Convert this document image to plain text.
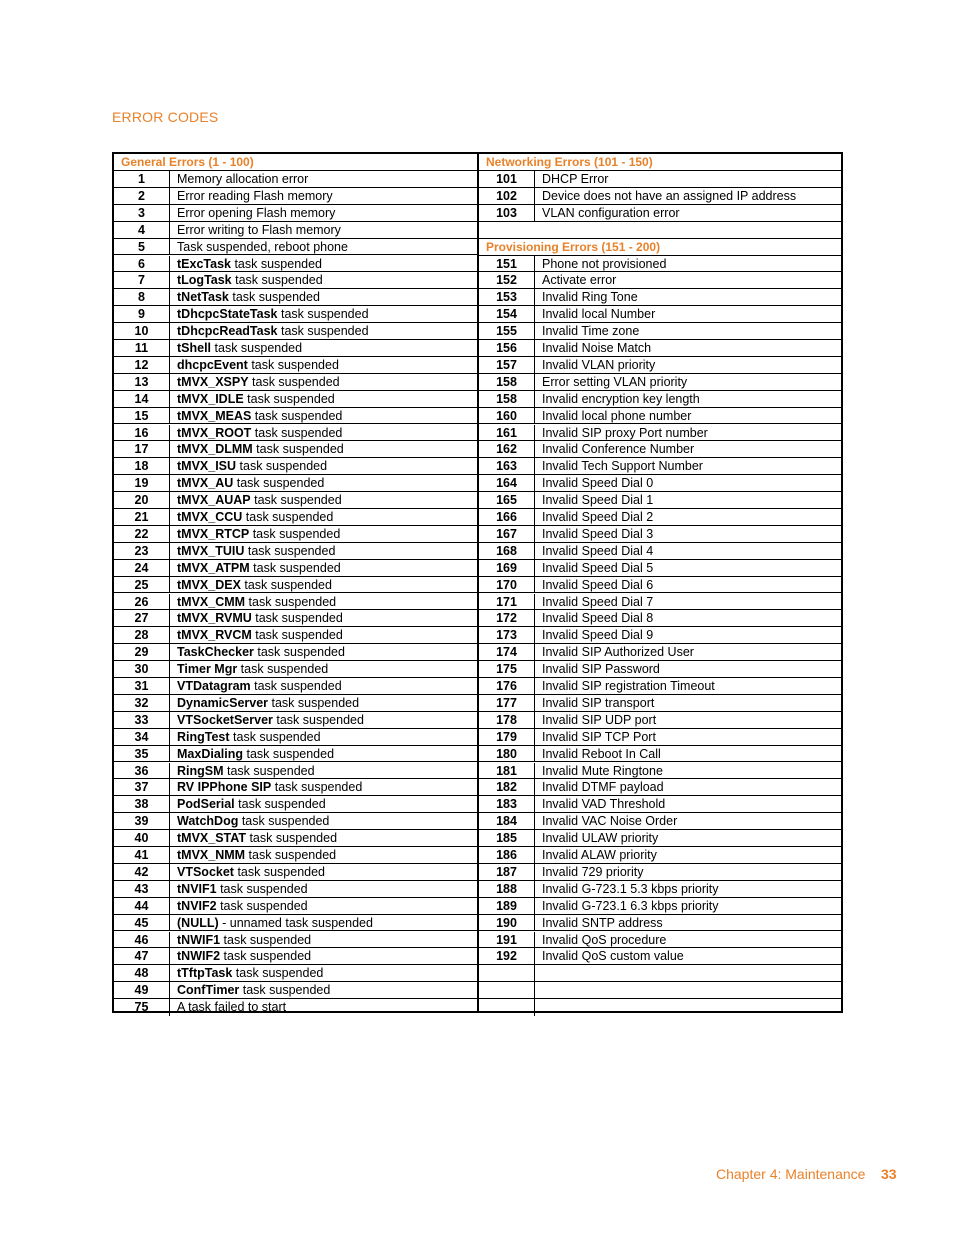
ERROR CODES
General Errors (1 - 100)
1	Memory allocation error
2	Error reading Flash memory
3	Error opening Flash memory
4	Error writing to Flash memory
5	Task suspended, reboot phone
6	tExcTask task suspended
7	tLogTask task suspended
8	tNetTask task suspended
9	tDhcpcStateTask task suspended
10	tDhcpcReadTask task suspended
11	tShell task suspended
12	dhcpcEvent task suspended
13	tMVX_XSPY task suspended
14	tMVX_IDLE task suspended
15	tMVX_MEAS task suspended
16	tMVX_ROOT task suspended
17	tMVX_DLMM task suspended
18	tMVX_ISU task suspended
19	tMVX_AU task suspended
20	tMVX_AUAP task suspended
21	tMVX_CCU task suspended
22	tMVX_RTCP task suspended
23	tMVX_TUIU task suspended
24	tMVX_ATPM task suspended
25	tMVX_DEX task suspended
26	tMVX_CMM task suspended
27	tMVX_RVMU task suspended
28	tMVX_RVCM task suspended
29	TaskChecker task suspended
30	Timer Mgr task suspended
31	VTDatagram task suspended
32	DynamicServer task suspended
33	VTSocketServer task suspended
34	RingTest task suspended
35	MaxDialing task suspended
36	RingSM task suspended
37	RV IPPhone SIP task suspended
38	PodSerial task suspended
39	WatchDog task suspended
40	tMVX_STAT task suspended
41	tMVX_NMM task suspended
42	VTSocket task suspended
43	tNVIF1 task suspended
44	tNVIF2 task suspended
45	(NULL) - unnamed task suspended
46	tNWIF1 task suspended
47	tNWIF2 task suspended
48	tTftpTask task suspended
49	ConfTimer task suspended
75	A task failed to start
Networking Errors (101 - 150)
101	DHCP Error
102	Device does not have an assigned IP address
103	VLAN configuration error
Provisioning Errors (151 - 200)
151	Phone not provisioned
152	Activate error
153	Invalid Ring Tone
154	Invalid local Number
155	Invalid Time zone
156	Invalid Noise Match
157	Invalid VLAN priority
158	Error setting VLAN priority
158	Invalid encryption key length
160	Invalid local phone number
161	Invalid SIP proxy Port number
162	Invalid Conference Number
163	Invalid Tech Support Number
164	Invalid Speed Dial 0
165	Invalid Speed Dial 1
166	Invalid Speed Dial 2
167	Invalid Speed Dial 3
168	Invalid Speed Dial 4
169	Invalid Speed Dial 5
170	Invalid Speed Dial 6
171	Invalid Speed Dial 7
172	Invalid Speed Dial 8
173	Invalid Speed Dial 9
174	Invalid SIP Authorized User
175	Invalid SIP Password
176	Invalid SIP registration Timeout
177	Invalid SIP transport
178	Invalid SIP UDP port
179	Invalid SIP TCP Port
180	Invalid Reboot In Call
181	Invalid Mute Ringtone
182	Invalid DTMF payload
183	Invalid VAD Threshold
184	Invalid VAC Noise Order
185	Invalid ULAW priority
186	Invalid ALAW priority
187	Invalid 729 priority
188	Invalid G-723.1 5.3 kbps priority
189	Invalid G-723.1 6.3 kbps priority
190	Invalid SNTP address
191	Invalid QoS procedure
192	Invalid QoS custom value
Chapter 4: Maintenance 33
